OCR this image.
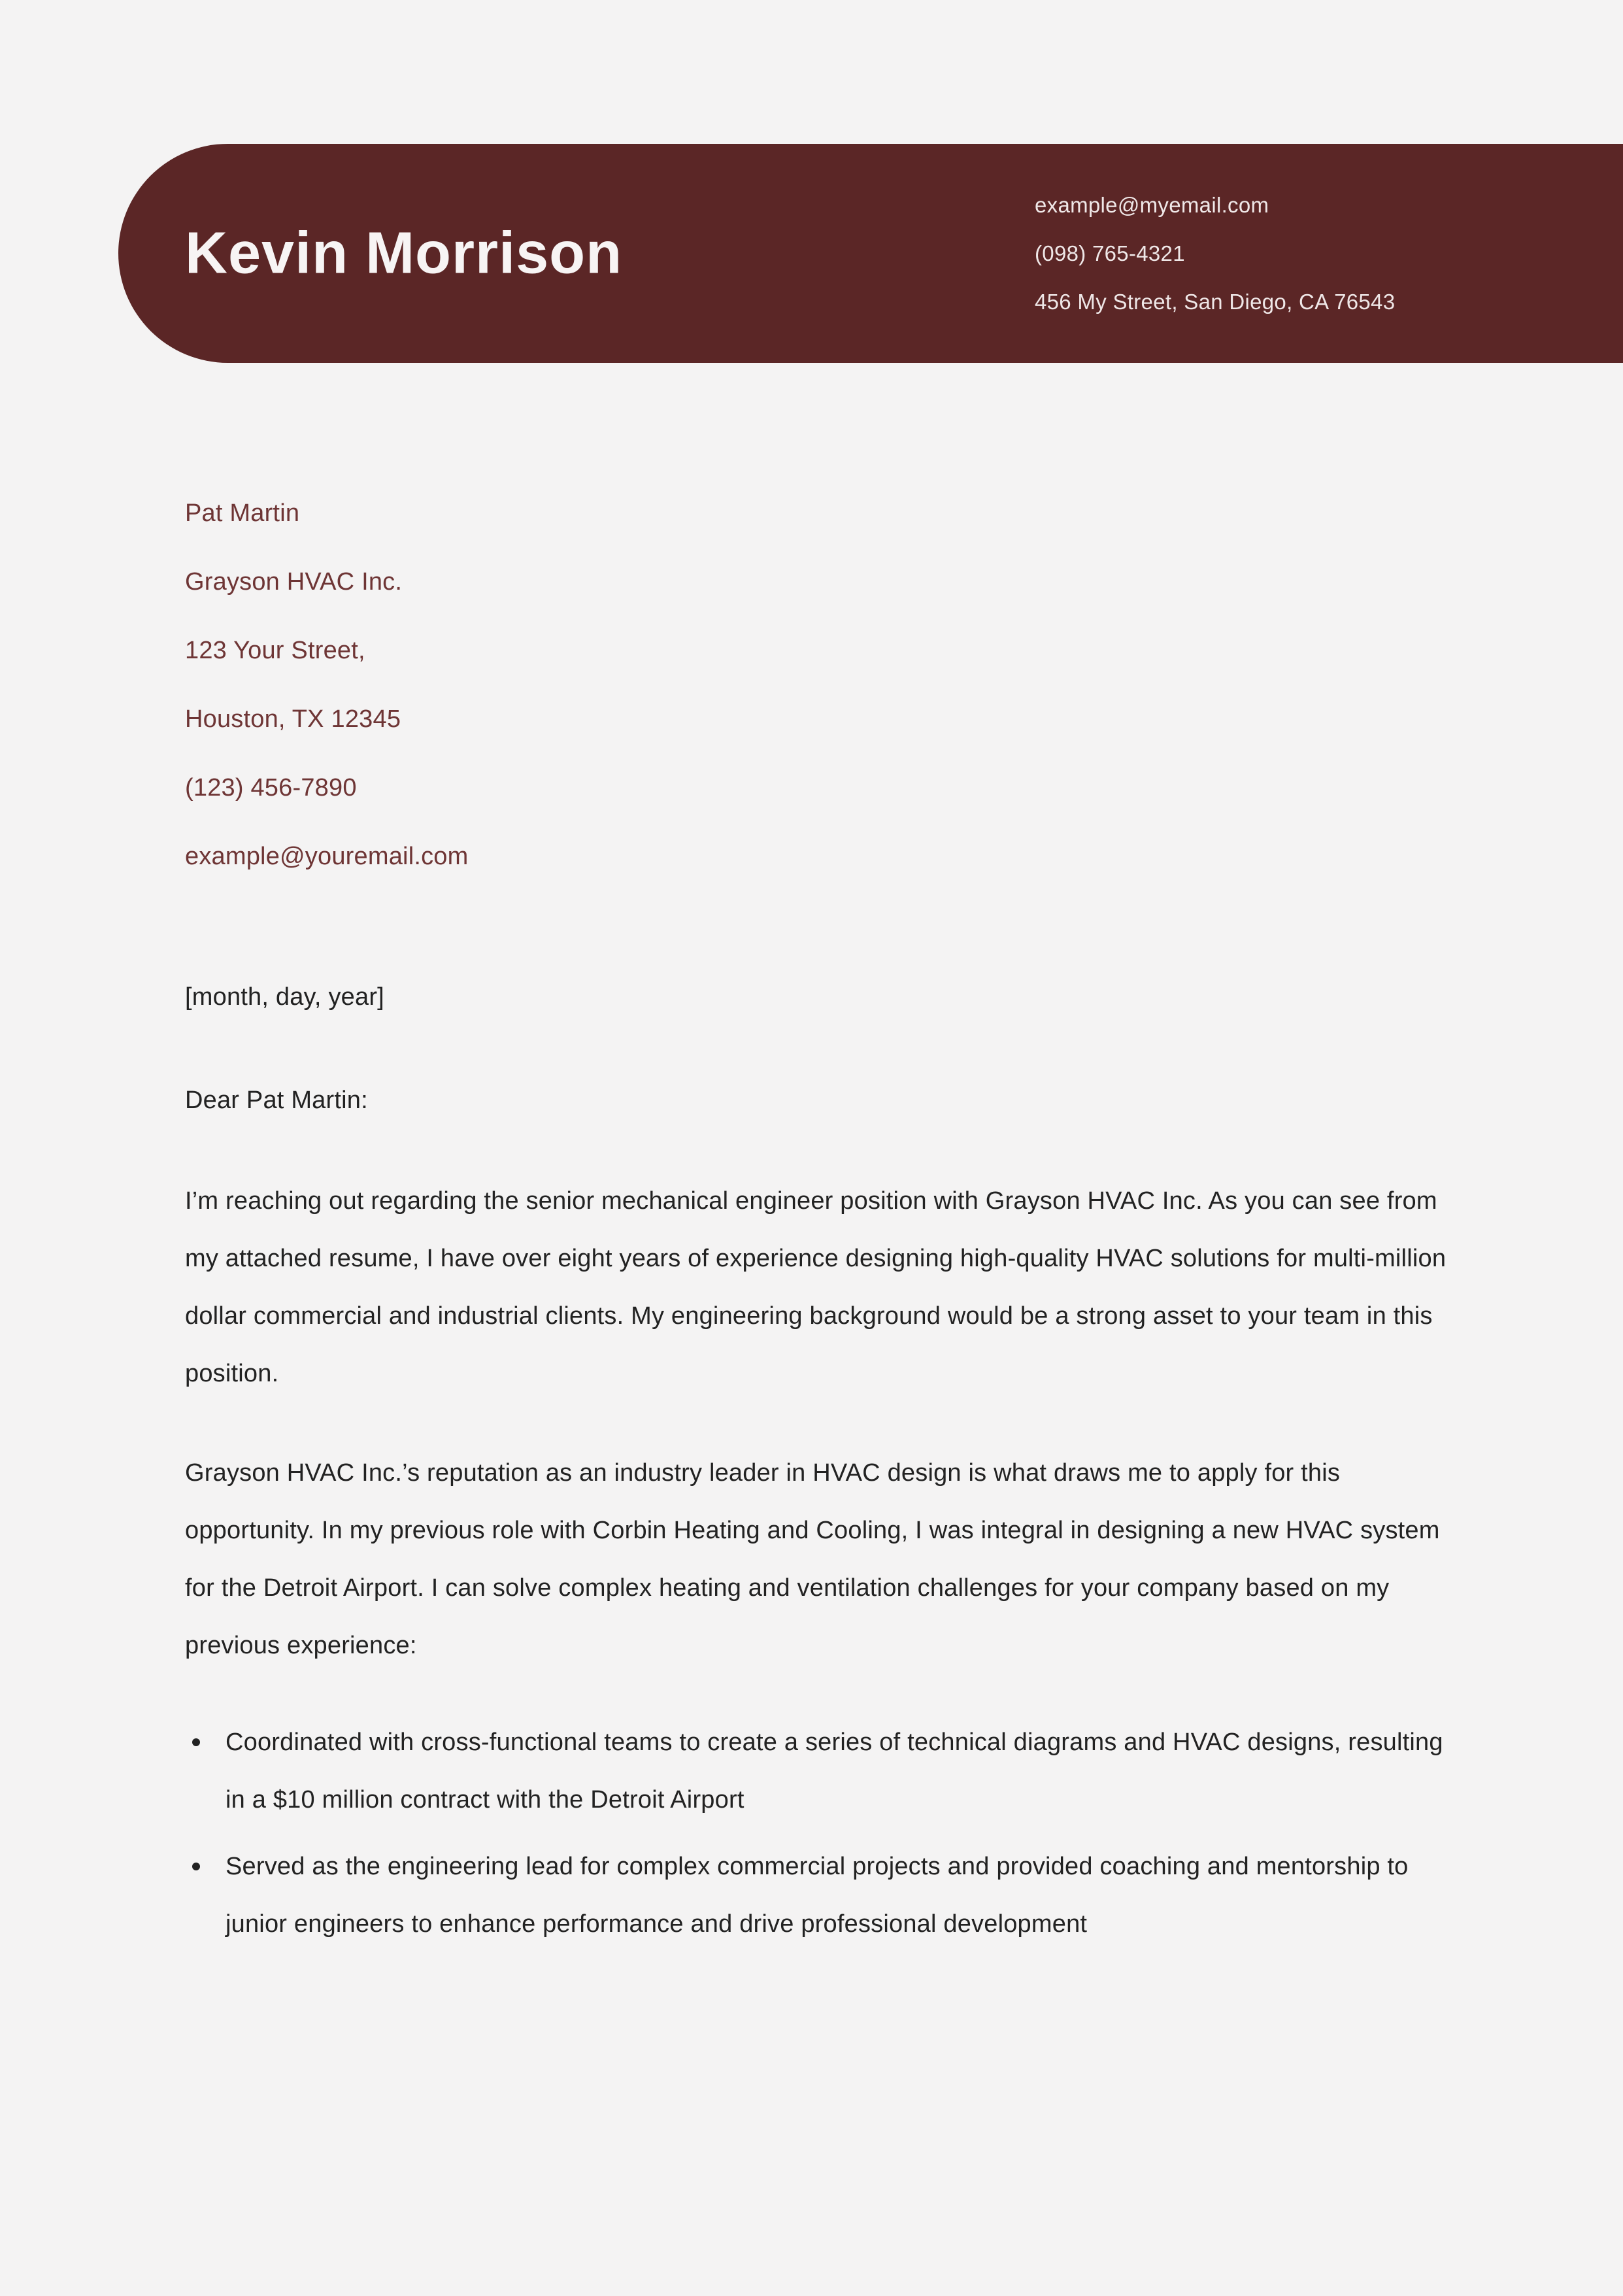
Kevin Morrison
example@myemail.com
(098) 765-4321
456 My Street, San Diego, CA 76543
Pat Martin
Grayson HVAC Inc.
123 Your Street,
Houston, TX 12345
(123) 456-7890
example@youremail.com
[month, day, year]
Dear Pat Martin:

I’m reaching out regarding the senior mechanical engineer position with Grayson HVAC Inc. As you can see from my attached resume, I have over eight years of experience designing high-quality HVAC solutions for multi-million dollar commercial and industrial clients. My engineering background would be a strong asset to your team in this position.

Grayson HVAC Inc.’s reputation as an industry leader in HVAC design is what draws me to apply for this opportunity. In my previous role with Corbin Heating and Cooling, I was integral in designing a new HVAC system for the Detroit Airport. I can solve complex heating and ventilation challenges for your company based on my previous experience:

Coordinated with cross-functional teams to create a series of technical diagrams and HVAC designs, resulting in a $10 million contract with the Detroit Airport
Served as the engineering lead for complex commercial projects and provided coaching and mentorship to junior engineers to enhance performance and drive professional development
